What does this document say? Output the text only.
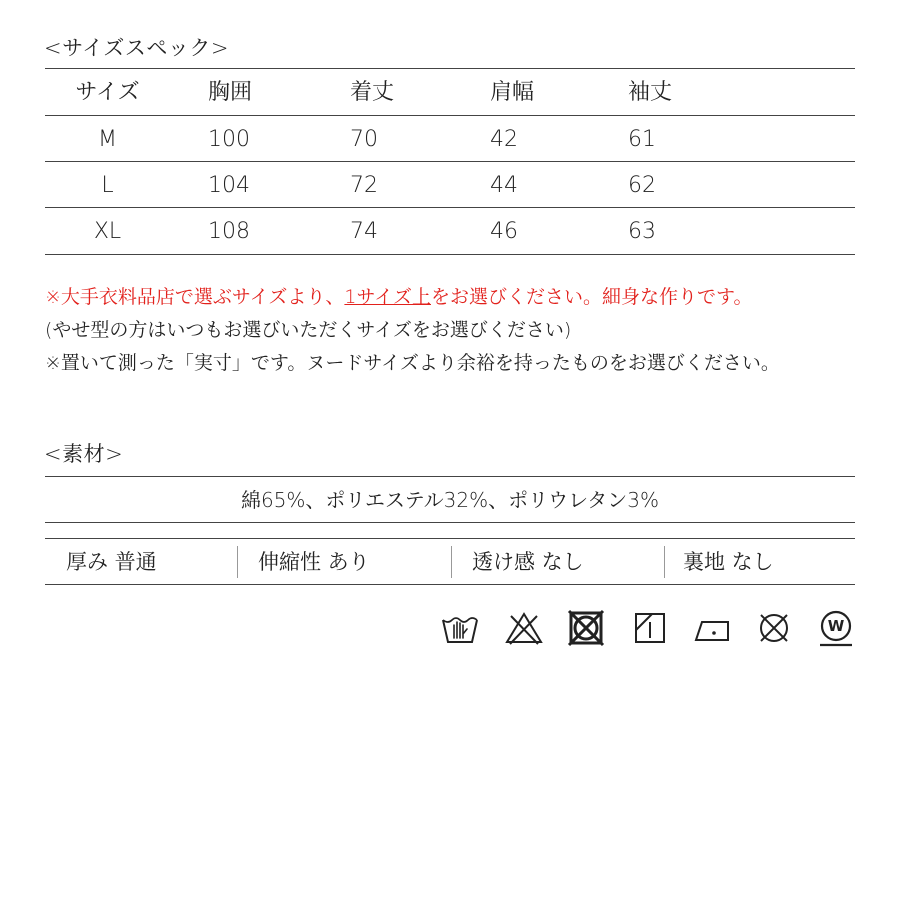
<サイズスペック>
サイズ	胸囲	着丈	肩幅	袖丈
M	100	70	42	61
L	104	72	44	62
XL	108	74	46	63
※大手衣料品店で選ぶサイズより、1サイズ上をお選びください。細身な作りです。
(やせ型の方はいつもお選びいただくサイズをお選びください)
※置いて測った「実寸」です。ヌードサイズより余裕を持ったものをお選びください。
<素材>
綿65%、ポリエステル32%、ポリウレタン3%
厚み 普通	伸縮性 あり	透け感 なし	裏地 なし
W
